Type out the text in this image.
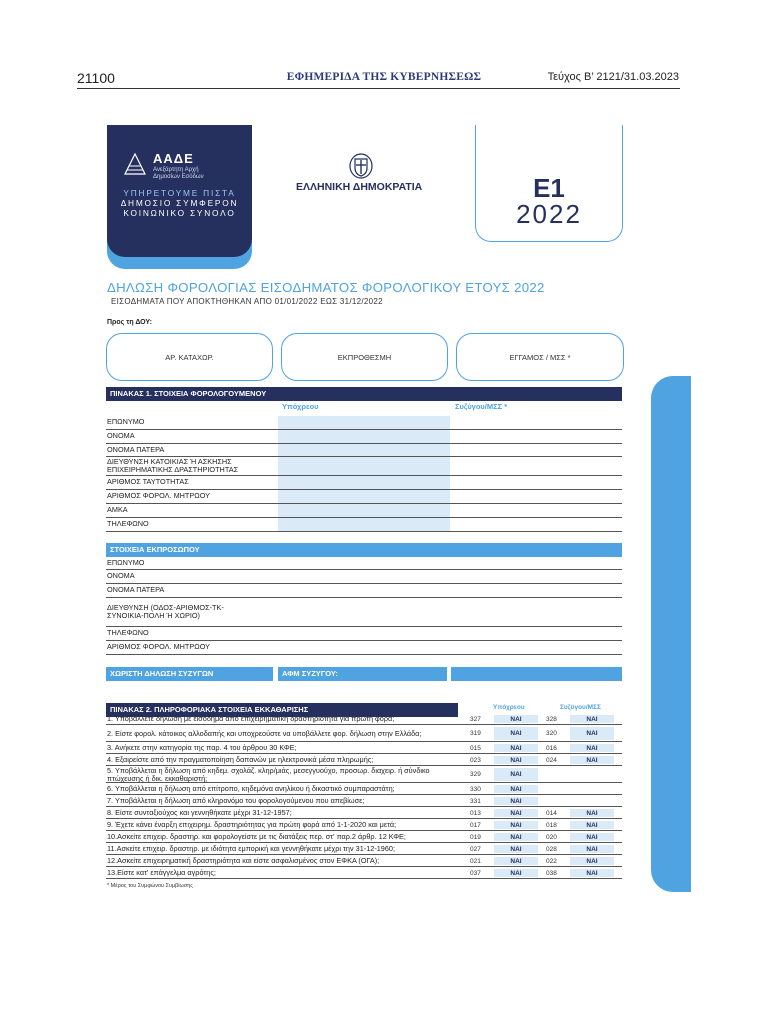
21100	ΕΦΗΜΕΡΙΔΑ ΤΗΣ ΚΥΒΕΡΝΗΣΕΩΣ	Τεύχος Β’ 2121/31.03.2023
ΑΑΔΕ
Ανεξάρτητη Αρχή
Δημοσίων Εσόδων
ΥΠΗΡΕΤΟΥΜΕ ΠΙΣΤΑ
ΔΗΜΟΣΙΟ ΣΥΜΦΕΡΟΝ
ΚΟΙΝΩΝΙΚΟ ΣΥΝΟΛΟ
ΕΛΛΗΝΙΚΗ ΔΗΜΟΚΡΑΤΙΑ	Ε1
2022
ΔΗΛΩΣΗ ΦΟΡΟΛΟΓΙΑΣ ΕΙΣΟΔΗΜΑΤΟΣ ΦΟΡΟΛΟΓΙΚΟΥ ΕΤΟΥΣ 2022
ΕΙΣΟΔΗΜΑΤΑ ΠΟΥ ΑΠΟΚΤΗΘΗΚΑΝ ΑΠΟ 01/01/2022 ΕΩΣ 31/12/2022
Προς τη ΔΟΥ:
ΑΡ. ΚΑΤΑΧΩΡ.	ΕΚΠΡΟΘΕΣΜΗ	ΕΓΓΑΜΟΣ / ΜΣΣ *
ΠΙΝΑΚΑΣ 1. ΣΤΟΙΧΕΙΑ ΦΟΡΟΛΟΓΟΥΜΕΝΟΥ
Υπόχρεου	Συζύγου/ΜΣΣ *
ΕΠΩΝΥΜΟ
ΟΝΟΜΑ
ΟΝΟΜΑ ΠΑΤΕΡΑ
ΔΙΕΥΘΥΝΣΗ ΚΑΤΟΙΚΙΑΣ Ή ΑΣΚΗΣΗΣ ΕΠΙΧΕΙΡΗΜΑΤΙΚΗΣ ΔΡΑΣΤΗΡΙΟΤΗΤΑΣ
ΑΡΙΘΜΟΣ ΤΑΥΤΟΤΗΤΑΣ
ΑΡΙΘΜΟΣ ΦΟΡΟΛ. ΜΗΤΡΩΟΥ
ΑΜΚΑ
ΤΗΛΕΦΩΝΟ
ΣΤΟΙΧΕΙΑ ΕΚΠΡΟΣΩΠΟΥ
ΕΠΩΝΥΜΟ
ΟΝΟΜΑ
ΟΝΟΜΑ ΠΑΤΕΡΑ
ΔΙΕΥΘΥΝΣΗ (ΟΔΟΣ-ΑΡΙΘΜΟΣ-ΤΚ-ΣΥΝΟΙΚΙΑ-ΠΟΛΗ Ή ΧΩΡΙΟ)
ΤΗΛΕΦΩΝΟ
ΑΡΙΘΜΟΣ ΦΟΡΟΛ. ΜΗΤΡΩΟΥ
ΧΩΡΙΣΤΗ ΔΗΛΩΣΗ ΣΥΖΥΓΩΝ	ΑΦΜ ΣΥΖΥΓΟΥ:
ΠΙΝΑΚΑΣ 2. ΠΛΗΡΟΦΟΡΙΑΚΑ ΣΤΟΙΧΕΙΑ ΕΚΚΑΘΑΡΙΣΗΣ	Υπόχρεου	Συζύγου/ΜΣΣ
1. Υποβάλλετε δήλωση με εισόδημα από επιχειρηματική δραστηριότητα για πρώτη φορά;	327	ΝΑΙ	328	ΝΑΙ
2. Είστε φορολ. κάτοικος αλλοδαπής και υποχρεούστε να υποβάλλετε φορ. δήλωση στην Ελλάδα;	319	ΝΑΙ	320	ΝΑΙ
3. Ανήκετε στην κατηγορία της παρ. 4 του άρθρου 30 ΚΦΕ;	015	ΝΑΙ	016	ΝΑΙ
4. Εξαιρείστε από την πραγματοποίηση δαπανών με ηλεκτρονικά μέσα πληρωμής;	023	ΝΑΙ	024	ΝΑΙ
5. Υποβάλλεται η δήλωση από κηδεμ. σχολάζ. κληρ/μιάς, μεσεγγυούχο, προσωρ. διαχειρ. ή σύνδικο πτώχευσης ή δικ. εκκαθαριστή;	329	ΝΑΙ
6. Υποβάλλεται η δήλωση από επίτροπο, κηδεμόνα ανηλίκου ή δικαστικό συμπαραστάτη;	330	ΝΑΙ
7. Υποβάλλεται η δήλωση από κληρονόμο του φορολογούμενου που απεβίωσε;	331	ΝΑΙ
8. Είστε συνταξιούχος και γεννηθήκατε μέχρι 31-12-1957;	013	ΝΑΙ	014	ΝΑΙ
9. Έχετε κάνει έναρξη επιχειρημ. δραστηριότητας για πρώτη φορά από 1-1-2020 και μετά;	017	ΝΑΙ	018	ΝΑΙ
10.Ασκείτε επιχειρ. δραστηρ. και φορολογείστε με τις διατάξεις περ. στ' παρ.2 άρθρ. 12 ΚΦΕ;	019	ΝΑΙ	020	ΝΑΙ
11.Ασκείτε επιχειρ. δραστηρ. με ιδιότητα εμπορική και γεννηθήκατε μέχρι την 31-12-1960;	027	ΝΑΙ	028	ΝΑΙ
12.Ασκείτε επιχειρηματική δραστηριότητα και είστε ασφαλισμένος στον ΕΦΚΑ (ΟΓΑ);	021	ΝΑΙ	022	ΝΑΙ
13.Είστε κατ' επάγγελμα αγρότης;	037	ΝΑΙ	038	ΝΑΙ
* Μέρος του Συμφώνου Συμβίωσης
